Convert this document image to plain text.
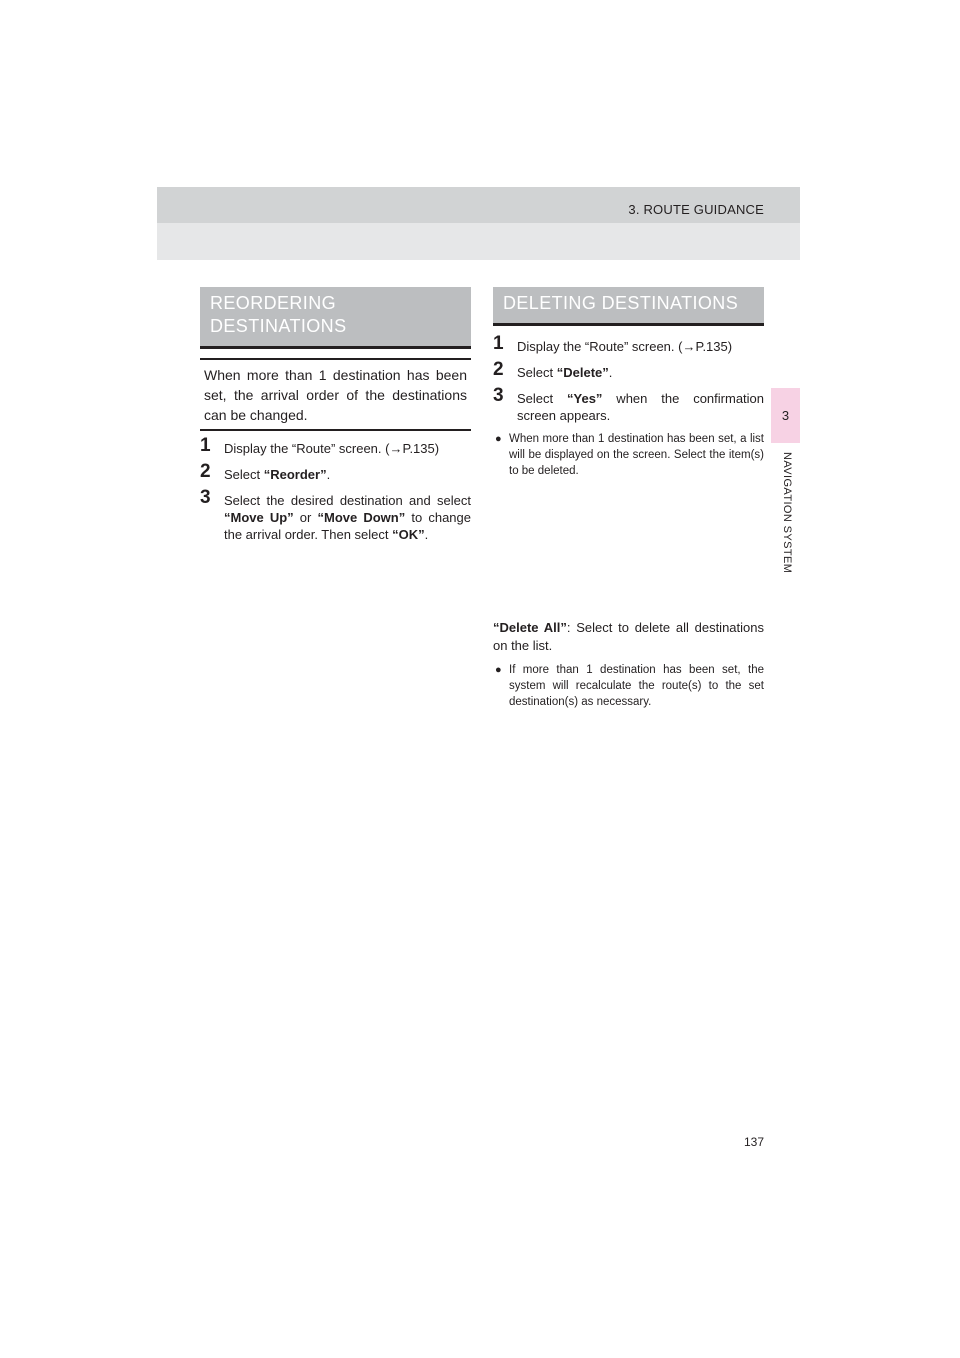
3. ROUTE GUIDANCE
3
NAVIGATION SYSTEM
REORDERING DESTINATIONS
When more than 1 destination has been set, the arrival order of the destinations can be changed.
1 Display the “Route” screen. (→P.135)
2 Select “Reorder”.
3 Select the desired destination and select “Move Up” or “Move Down” to change the arrival order. Then select “OK”.
DELETING DESTINATIONS
1 Display the “Route” screen. (→P.135)
2 Select “Delete”.
3 Select “Yes” when the confirmation screen appears.
● When more than 1 destination has been set, a list will be displayed on the screen. Select the item(s) to be deleted.
“Delete All”: Select to delete all destinations on the list.
● If more than 1 destination has been set, the system will recalculate the route(s) to the set destination(s) as necessary.
137
